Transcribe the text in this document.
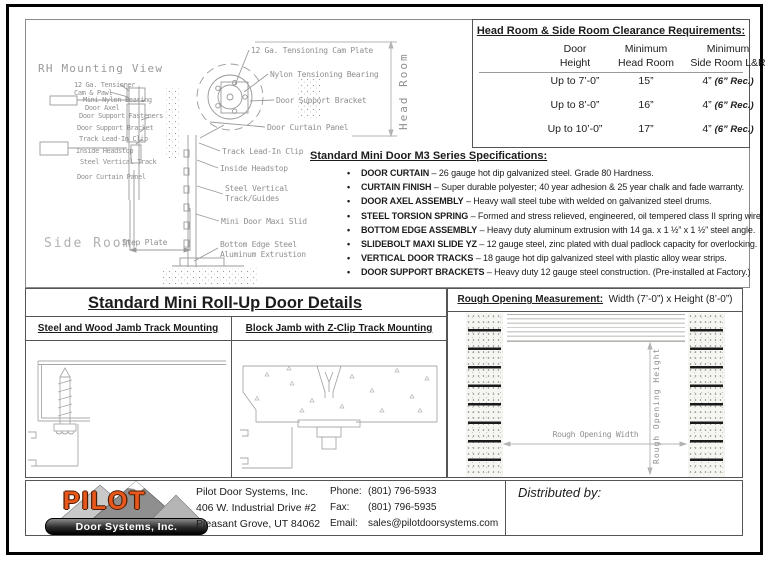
RH Mounting View
12 Ga. Tensioner
Cam & Pawl
Mini Nylon Bearing
Door Axel
Door Support Fasteners
Door Support Bracket
Track Lead-In Clip
Inside Headstop
Steel Vertical Track
Door Curtain Panel
Side Room
Step Plate
12 Ga. Tensioning Cam Plate
Nylon Tensioning Bearing
Door Support Bracket
Door Curtain Panel
Track Lead-In Clip
Inside Headstop
Steel Vertical Track/Guides
Mini Door Maxi Slid
Bottom Edge Steel Aluminum Extrustion
Head Room
Head Room & Side Room Clearance Requirements:
Door
Height
Minimum
Head Room
Minimum
Side Room L&R
Up to 7’-0”	15”	4” (6” Rec.)
Up to 8’-0”	16”	4” (6” Rec.)
Up to 10’-0”	17”	4” (6” Rec.)
Standard Mini Door M3 Series Specifications:
• DOOR CURTAIN – 26 gauge hot dip galvanized steel. Grade 80 Hardness.
• CURTAIN FINISH – Super durable polyester; 40 year adhesion & 25 year chalk and fade warranty.
• DOOR AXEL ASSEMBLY – Heavy wall steel tube with welded on galvanized steel drums.
• STEEL TORSION SPRING – Formed and stress relieved, engineered, oil tempered class II spring wire.
• BOTTOM EDGE ASSEMBLY – Heavy duty aluminum extrusion with 14 ga. x 1 ½” x 1 ½” steel angle.
• SLIDEBOLT MAXI SLIDE YZ – 12 gauge steel, zinc plated with dual padlock capacity for overlocking.
• VERTICAL DOOR TRACKS – 18 gauge hot dip galvanized steel with plastic alloy wear strips.
• DOOR SUPPORT BRACKETS – Heavy duty 12 gauge steel construction. (Pre-installed at Factory.)
Standard Mini Roll-Up Door Details
Steel and Wood Jamb Track Mounting	Block Jamb with Z-Clip Track Mounting
Rough Opening Measurement: Width (7’-0”) x Height (8’-0”)
Rough Opening Width	Rough Opening Height
PILOT
Door Systems, Inc.
Pilot Door Systems, Inc.
406 W. Industrial Drive #2
Pleasant Grove, UT 84062
Phone: (801) 796-5933
Fax: (801) 796-5935
Email: sales@pilotdoorsystems.com
Distributed by:
